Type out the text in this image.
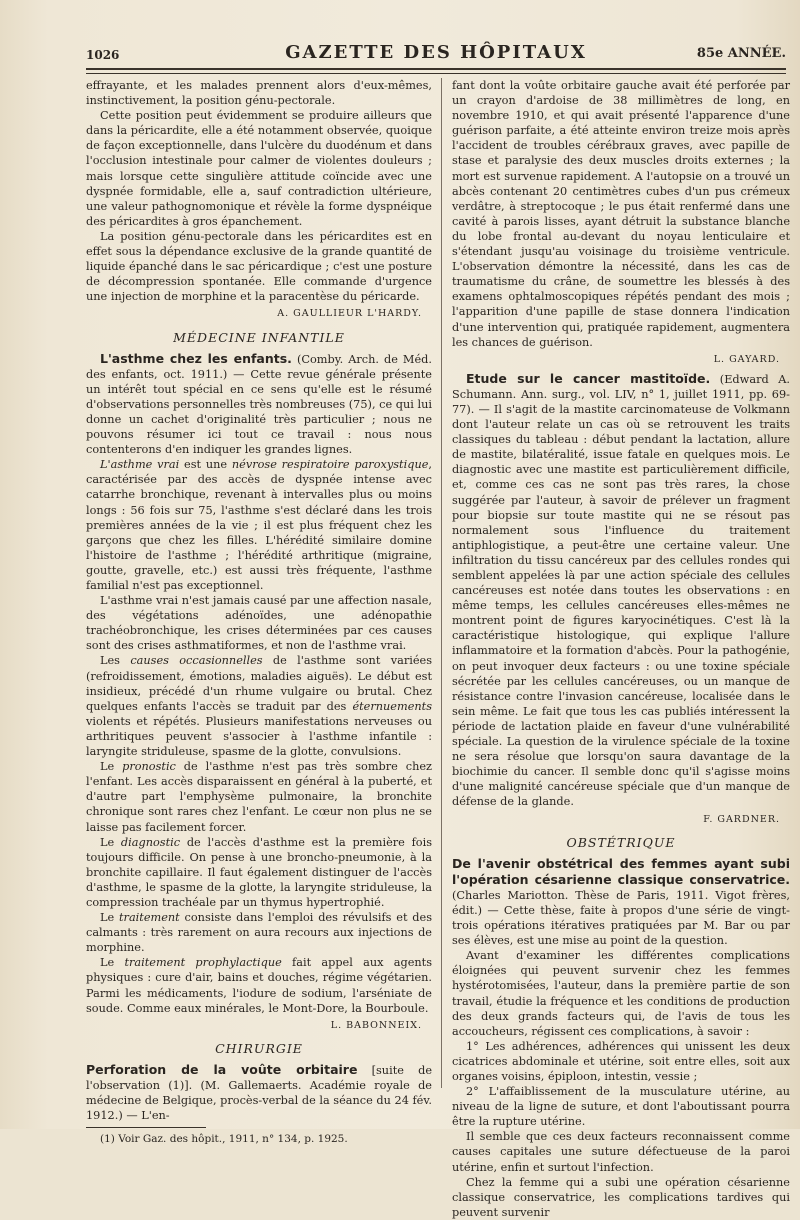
1026	GAZETTE DES HÔPITAUX	85e ANNÉE.

effrayante, et les malades prennent alors d'eux-mêmes, instinctivement, la position génu-pectorale.

Cette position peut évidemment se produire ailleurs que dans la péricardite, elle a été notamment observée, quoique de façon exceptionnelle, dans l'ulcère du duodénum et dans l'occlusion intestinale pour calmer de violentes douleurs ; mais lorsque cette singulière attitude coïncide avec une dyspnée formidable, elle a, sauf contradiction ultérieure, une valeur pathognomonique et révèle la forme dyspnéique des péricardites à gros épanchement.

La position génu-pectorale dans les péricardites est en effet sous la dépendance exclusive de la grande quantité de liquide épanché dans le sac péricardique ; c'est une posture de décompression spontanée. Elle commande d'urgence une injection de morphine et la paracentèse du péricarde.

A. GAULLIEUR L'HARDY.

MÉDECINE INFANTILE

L'asthme chez les enfants. (Comby. Arch. de Méd. des enfants, oct. 1911.) — Cette revue générale présente un intérêt tout spécial en ce sens qu'elle est le résumé d'observations personnelles très nombreuses (75), ce qui lui donne un cachet d'originalité très particulier ; nous ne pouvons résumer ici tout ce travail : nous nous contenterons d'en indiquer les grandes lignes.

L'asthme vrai est une névrose respiratoire paroxystique, caractérisée par des accès de dyspnée intense avec catarrhe bronchique, revenant à intervalles plus ou moins longs : 56 fois sur 75, l'asthme s'est déclaré dans les trois premières années de la vie ; il est plus fréquent chez les garçons que chez les filles. L'hérédité similaire domine l'histoire de l'asthme ; l'hérédité arthritique (migraine, goutte, gravelle, etc.) est aussi très fréquente, l'asthme familial n'est pas exceptionnel.

L'asthme vrai n'est jamais causé par une affection nasale, des végétations adénoïdes, une adénopathie trachéobronchique, les crises déterminées par ces causes sont des crises asthmatiformes, et non de l'asthme vrai.

Les causes occasionnelles de l'asthme sont variées (refroidissement, émotions, maladies aiguës). Le début est insidieux, précédé d'un rhume vulgaire ou brutal. Chez quelques enfants l'accès se traduit par des éternuements violents et répétés. Plusieurs manifestations nerveuses ou arthritiques peuvent s'associer à l'asthme infantile : laryngite striduleuse, spasme de la glotte, convulsions.

Le pronostic de l'asthme n'est pas très sombre chez l'enfant. Les accès disparaissent en général à la puberté, et d'autre part l'emphysème pulmonaire, la bronchite chronique sont rares chez l'enfant. Le cœur non plus ne se laisse pas facilement forcer.

Le diagnostic de l'accès d'asthme est la première fois toujours difficile. On pense à une broncho-pneumonie, à la bronchite capillaire. Il faut également distinguer de l'accès d'asthme, le spasme de la glotte, la laryngite striduleuse, la compression trachéale par un thymus hypertrophié.

Le traitement consiste dans l'emploi des révulsifs et des calmants : très rarement on aura recours aux injections de morphine.

Le traitement prophylactique fait appel aux agents physiques : cure d'air, bains et douches, régime végétarien. Parmi les médicaments, l'iodure de sodium, l'arséniate de soude. Comme eaux minérales, le Mont-Dore, la Bourboule.

L. BABONNEIX.

CHIRURGIE

Perforation de la voûte orbitaire [suite de l'observation (1)]. (M. Gallemaerts. Académie royale de médecine de Belgique, procès-verbal de la séance du 24 fév. 1912.) — L'en-

(1) Voir Gaz. des hôpit., 1911, n° 134, p. 1925.

fant dont la voûte orbitaire gauche avait été perforée par un crayon d'ardoise de 38 millimètres de long, en novembre 1910, et qui avait présenté l'apparence d'une guérison parfaite, a été atteinte environ treize mois après l'accident de troubles cérébraux graves, avec papille de stase et paralysie des deux muscles droits externes ; la mort est survenue rapidement. A l'autopsie on a trouvé un abcès contenant 20 centimètres cubes d'un pus crémeux verdâtre, à streptocoque ; le pus était renfermé dans une cavité à parois lisses, ayant détruit la substance blanche du lobe frontal au-devant du noyau lenticulaire et s'étendant jusqu'au voisinage du troisième ventricule. L'observation démontre la nécessité, dans les cas de traumatisme du crâne, de soumettre les blessés à des examens ophtalmoscopiques répétés pendant des mois ; l'apparition d'une papille de stase donnera l'indication d'une intervention qui, pratiquée rapidement, augmentera les chances de guérison.

L. GAYARD.

Etude sur le cancer mastitoïde. (Edward A. Schumann. Ann. surg., vol. LIV, n° 1, juillet 1911, pp. 69-77). — Il s'agit de la mastite carcinomateuse de Volkmann dont l'auteur relate un cas où se retrouvent les traits classiques du tableau : début pendant la lactation, allure de mastite, bilatéralité, issue fatale en quelques mois. Le diagnostic avec une mastite est particulièrement difficile, et, comme ces cas ne sont pas très rares, la chose suggérée par l'auteur, à savoir de prélever un fragment pour biopsie sur toute mastite qui ne se résout pas normalement sous l'influence du traitement antiphlogistique, a peut-être une certaine valeur. Une infiltration du tissu cancéreux par des cellules rondes qui semblent appelées là par une action spéciale des cellules cancéreuses est notée dans toutes les observations : en même temps, les cellules cancéreuses elles-mêmes ne montrent point de figures karyocinétiques. C'est là la caractéristique histologique, qui explique l'allure inflammatoire et la formation d'abcès. Pour la pathogénie, on peut invoquer deux facteurs : ou une toxine spéciale sécrétée par les cellules cancéreuses, ou un manque de résistance contre l'invasion cancéreuse, localisée dans le sein même. Le fait que tous les cas publiés intéressent la période de lactation plaide en faveur d'une vulnérabilité spéciale. La question de la virulence spéciale de la toxine ne sera résolue que lorsqu'on saura davantage de la biochimie du cancer. Il semble donc qu'il s'agisse moins d'une malignité cancéreuse spéciale que d'un manque de défense de la glande.

F. GARDNER.

OBSTÉTRIQUE

De l'avenir obstétrical des femmes ayant subi l'opération césarienne classique conservatrice. (Charles Mariotton. Thèse de Paris, 1911. Vigot frères, édit.) — Cette thèse, faite à propos d'une série de vingt-trois opérations itératives pratiquées par M. Bar ou par ses élèves, est une mise au point de la question.

Avant d'examiner les différentes complications éloignées qui peuvent survenir chez les femmes hystérotomisées, l'auteur, dans la première partie de son travail, étudie la fréquence et les conditions de production des deux grands facteurs qui, de l'avis de tous les accoucheurs, régissent ces complications, à savoir :

1° Les adhérences, adhérences qui unissent les deux cicatrices abdominale et utérine, soit entre elles, soit aux organes voisins, épiploon, intestin, vessie ;

2° L'affaiblissement de la musculature utérine, au niveau de la ligne de suture, et dont l'aboutissant pourra être la rupture utérine.

Il semble que ces deux facteurs reconnaissent comme causes capitales une suture défectueuse de la paroi utérine, enfin et surtout l'infection.

Chez la femme qui a subi une opération césarienne classique conservatrice, les complications tardives qui peuvent survenir
